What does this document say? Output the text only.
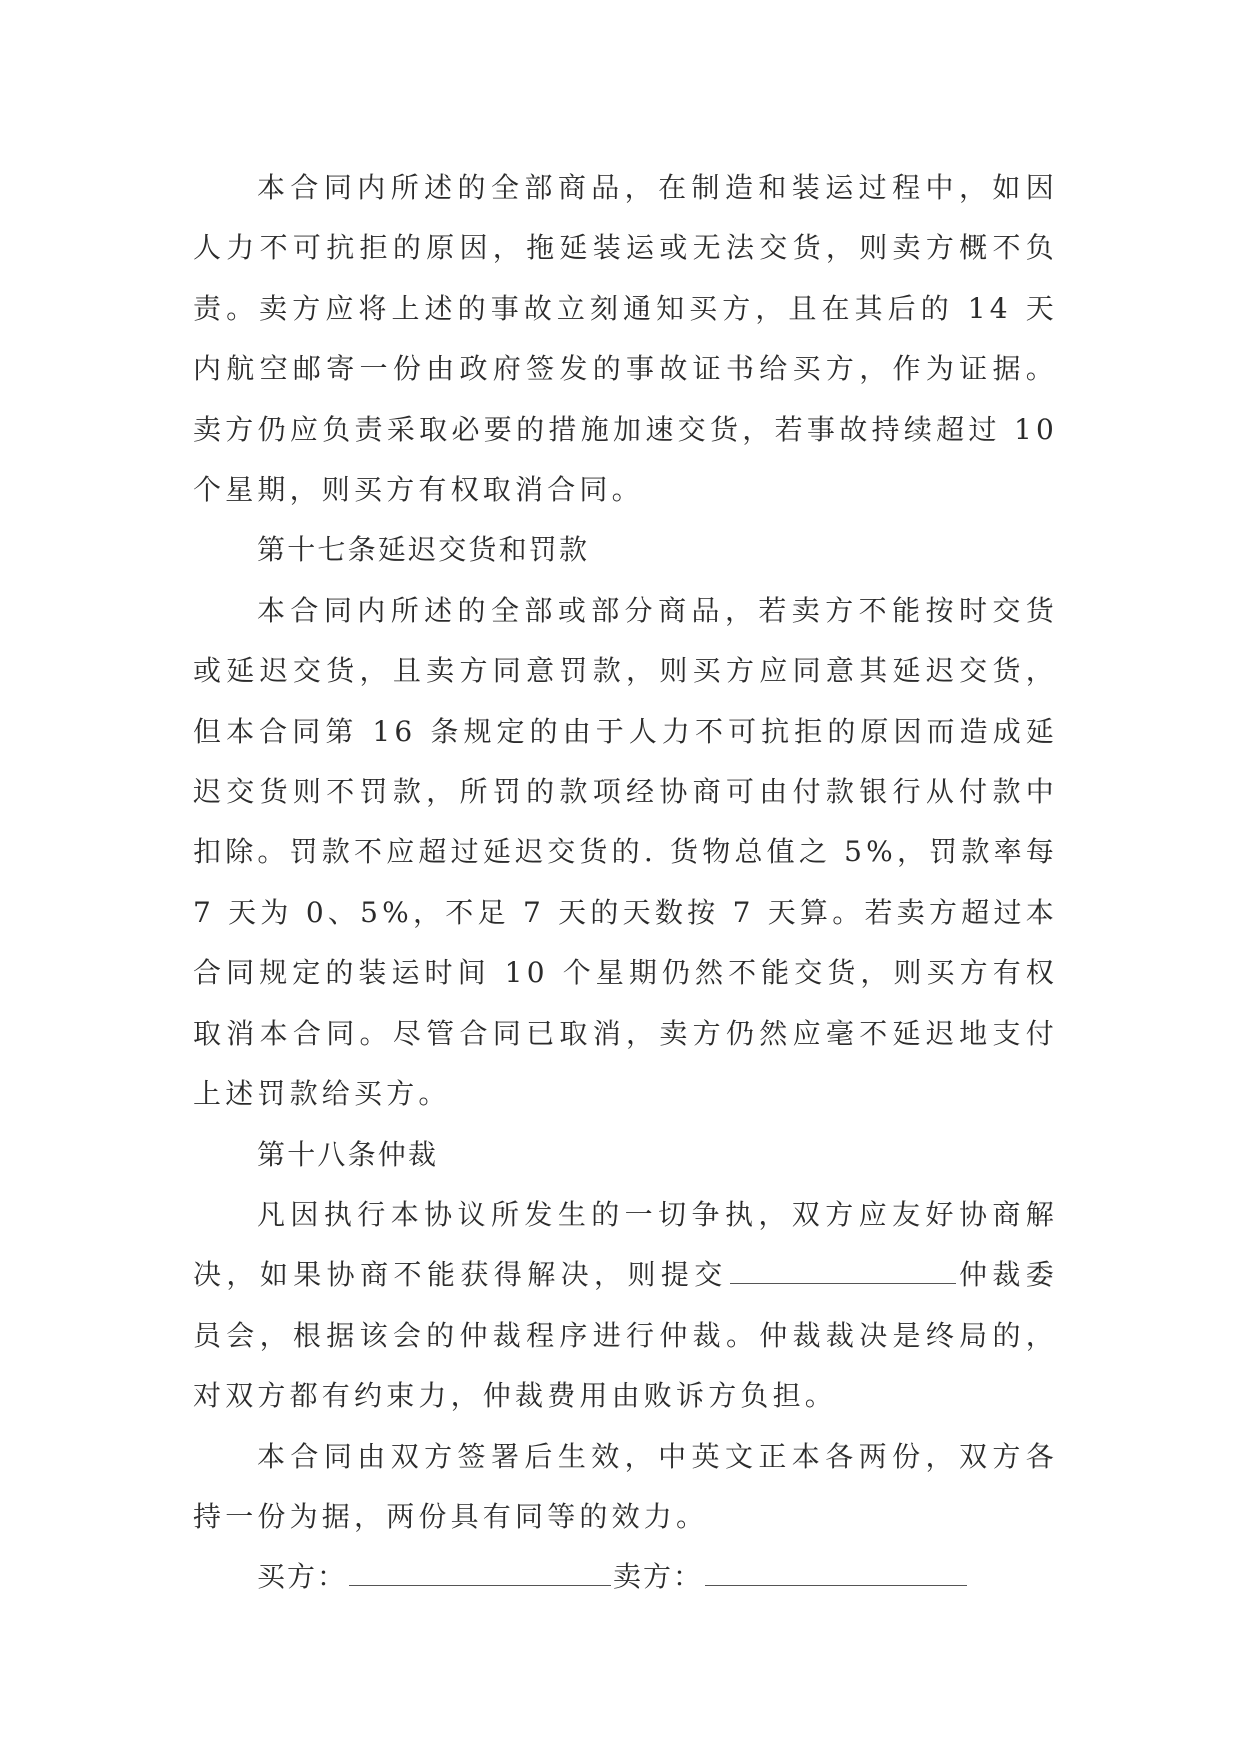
本合同内所述的全部商品，在制造和装运过程中，如因人力不可抗拒的原因，拖延装运或无法交货，则卖方概不负责。卖方应将上述的事故立刻通知买方，且在其后的 14 天内航空邮寄一份由政府签发的事故证书给买方，作为证据。卖方仍应负责采取必要的措施加速交货，若事故持续超过 10 个星期，则买方有权取消合同。

第十七条延迟交货和罚款

本合同内所述的全部或部分商品，若卖方不能按时交货或延迟交货，且卖方同意罚款，则买方应同意其延迟交货，但本合同第 16 条规定的由于人力不可抗拒的原因而造成延迟交货则不罚款，所罚的款项经协商可由付款银行从付款中扣除。罚款不应超过延迟交货的. 货物总值之 5%，罚款率每 7 天为 0、5%，不足 7 天的天数按 7 天算。若卖方超过本合同规定的装运时间 10 个星期仍然不能交货，则买方有权取消本合同。尽管合同已取消，卖方仍然应毫不延迟地支付上述罚款给买方。

第十八条仲裁

凡因执行本协议所发生的一切争执，双方应友好协商解决，如果协商不能获得解决，则提交	仲裁委员会，根据该会的仲裁程序进行仲裁。仲裁裁决是终局的，对双方都有约束力，仲裁费用由败诉方负担。

本合同由双方签署后生效，中英文正本各两份，双方各持一份为据，两份具有同等的效力。

买方：	卖方：
